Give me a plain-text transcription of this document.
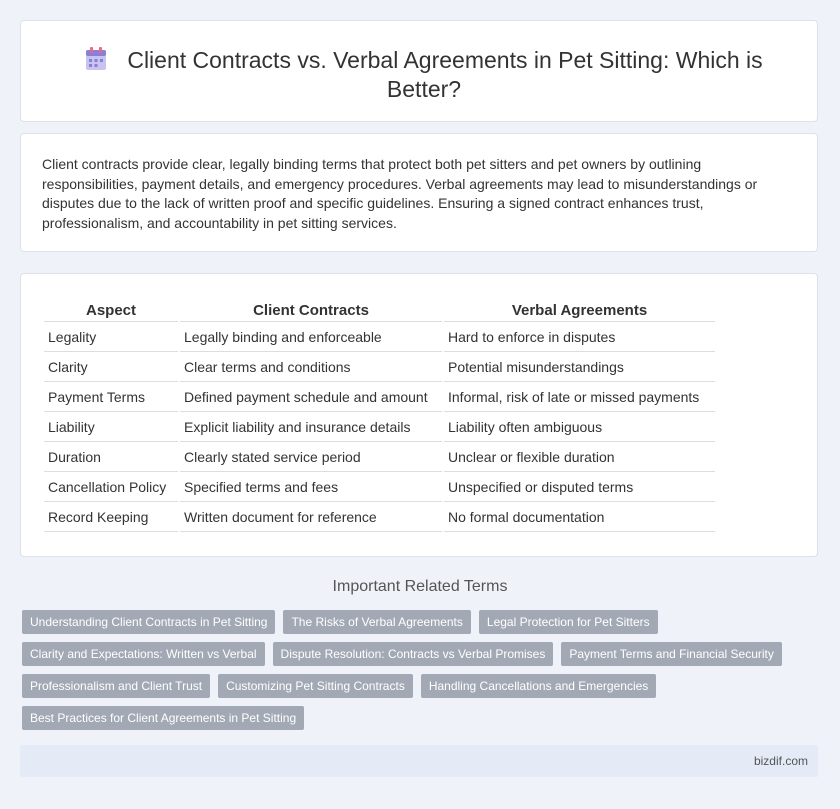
Client Contracts vs. Verbal Agreements in Pet Sitting: Which is Better?
Client contracts provide clear, legally binding terms that protect both pet sitters and pet owners by outlining responsibilities, payment details, and emergency procedures. Verbal agreements may lead to misunderstandings or disputes due to the lack of written proof and specific guidelines. Ensuring a signed contract enhances trust, professionalism, and accountability in pet sitting services.
Aspect	Client Contracts	Verbal Agreements
Legality	Legally binding and enforceable	Hard to enforce in disputes
Clarity	Clear terms and conditions	Potential misunderstandings
Payment Terms	Defined payment schedule and amount	Informal, risk of late or missed payments
Liability	Explicit liability and insurance details	Liability often ambiguous
Duration	Clearly stated service period	Unclear or flexible duration
Cancellation Policy	Specified terms and fees	Unspecified or disputed terms
Record Keeping	Written document for reference	No formal documentation
Important Related Terms
Understanding Client Contracts in Pet Sitting	The Risks of Verbal Agreements	Legal Protection for Pet Sitters
Clarity and Expectations: Written vs Verbal	Dispute Resolution: Contracts vs Verbal Promises	Payment Terms and Financial Security
Professionalism and Client Trust	Customizing Pet Sitting Contracts	Handling Cancellations and Emergencies
Best Practices for Client Agreements in Pet Sitting
bizdif.com
